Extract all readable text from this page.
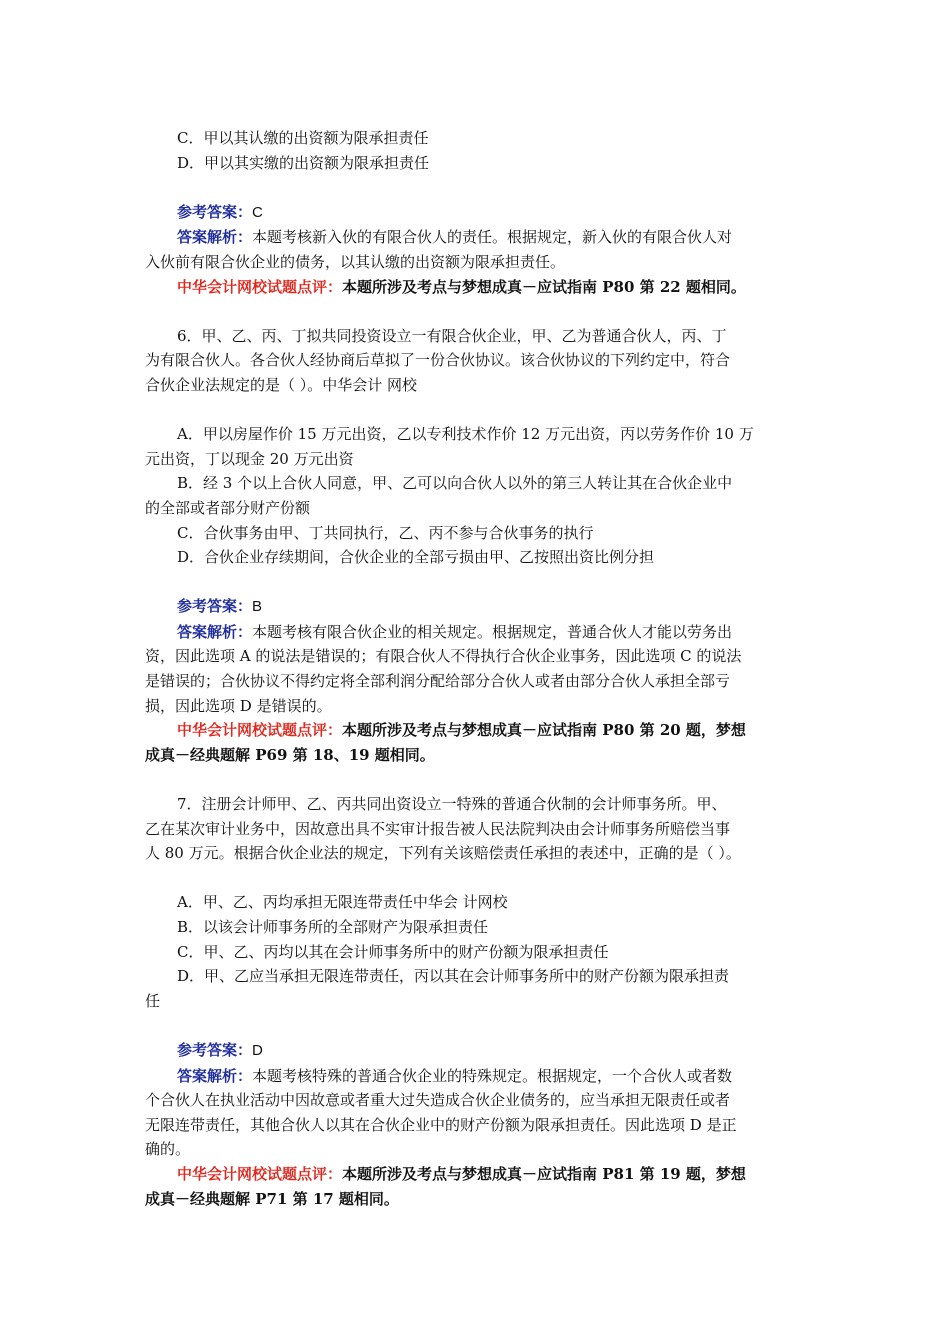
C．甲以其认缴的出资额为限承担责任
D．甲以其实缴的出资额为限承担责任
参考答案：C
答案解析：本题考核新入伙的有限合伙人的责任。根据规定，新入伙的有限合伙人对
入伙前有限合伙企业的债务，以其认缴的出资额为限承担责任。
中华会计网校试题点评：本题所涉及考点与梦想成真－应试指南 P80 第 22 题相同。
6．甲、乙、丙、丁拟共同投资设立一有限合伙企业，甲、乙为普通合伙人，丙、丁
为有限合伙人。各合伙人经协商后草拟了一份合伙协议。该合伙协议的下列约定中，符合
合伙企业法规定的是（ ）。中华会计 网校
A．甲以房屋作价 15 万元出资，乙以专利技术作价 12 万元出资，丙以劳务作价 10 万
元出资，丁以现金 20 万元出资
B．经 3 个以上合伙人同意，甲、乙可以向合伙人以外的第三人转让其在合伙企业中
的全部或者部分财产份额
C．合伙事务由甲、丁共同执行，乙、丙不参与合伙事务的执行
D．合伙企业存续期间，合伙企业的全部亏损由甲、乙按照出资比例分担
参考答案：B
答案解析：本题考核有限合伙企业的相关规定。根据规定，普通合伙人才能以劳务出
资，因此选项 A 的说法是错误的；有限合伙人不得执行合伙企业事务，因此选项 C 的说法
是错误的；合伙协议不得约定将全部利润分配给部分合伙人或者由部分合伙人承担全部亏
损，因此选项 D 是错误的。
中华会计网校试题点评：本题所涉及考点与梦想成真－应试指南 P80 第 20 题，梦想
成真－经典题解 P69 第 18、19 题相同。
7．注册会计师甲、乙、丙共同出资设立一特殊的普通合伙制的会计师事务所。甲、
乙在某次审计业务中，因故意出具不实审计报告被人民法院判决由会计师事务所赔偿当事
人 80 万元。根据合伙企业法的规定，下列有关该赔偿责任承担的表述中，正确的是（ ）。
A．甲、乙、丙均承担无限连带责任中华会 计网校
B．以该会计师事务所的全部财产为限承担责任
C．甲、乙、丙均以其在会计师事务所中的财产份额为限承担责任
D．甲、乙应当承担无限连带责任，丙以其在会计师事务所中的财产份额为限承担责
任
参考答案：D
答案解析：本题考核特殊的普通合伙企业的特殊规定。根据规定，一个合伙人或者数
个合伙人在执业活动中因故意或者重大过失造成合伙企业债务的，应当承担无限责任或者
无限连带责任，其他合伙人以其在合伙企业中的财产份额为限承担责任。因此选项 D 是正
确的。
中华会计网校试题点评：本题所涉及考点与梦想成真－应试指南 P81 第 19 题，梦想
成真－经典题解 P71 第 17 题相同。
